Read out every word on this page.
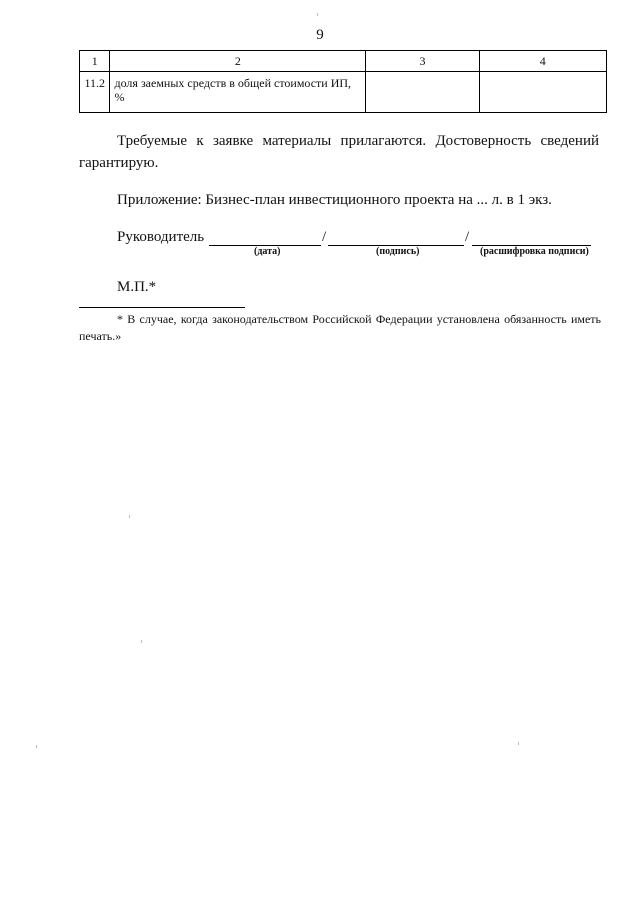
9
1	2	3	4
11.2	доля заемных средств в общей стоимости ИП, %		
Требуемые к заявке материалы прилагаются. Достоверность сведений гарантирую.
Приложение: Бизнес-план инвестиционного проекта на ... л. в 1 экз.
Руководитель	/	/
(дата)	(подпись)	(расшифровка подписи)
М.П.*
* В случае, когда законодательством Российской Федерации установлена обязанность иметь печать.»
